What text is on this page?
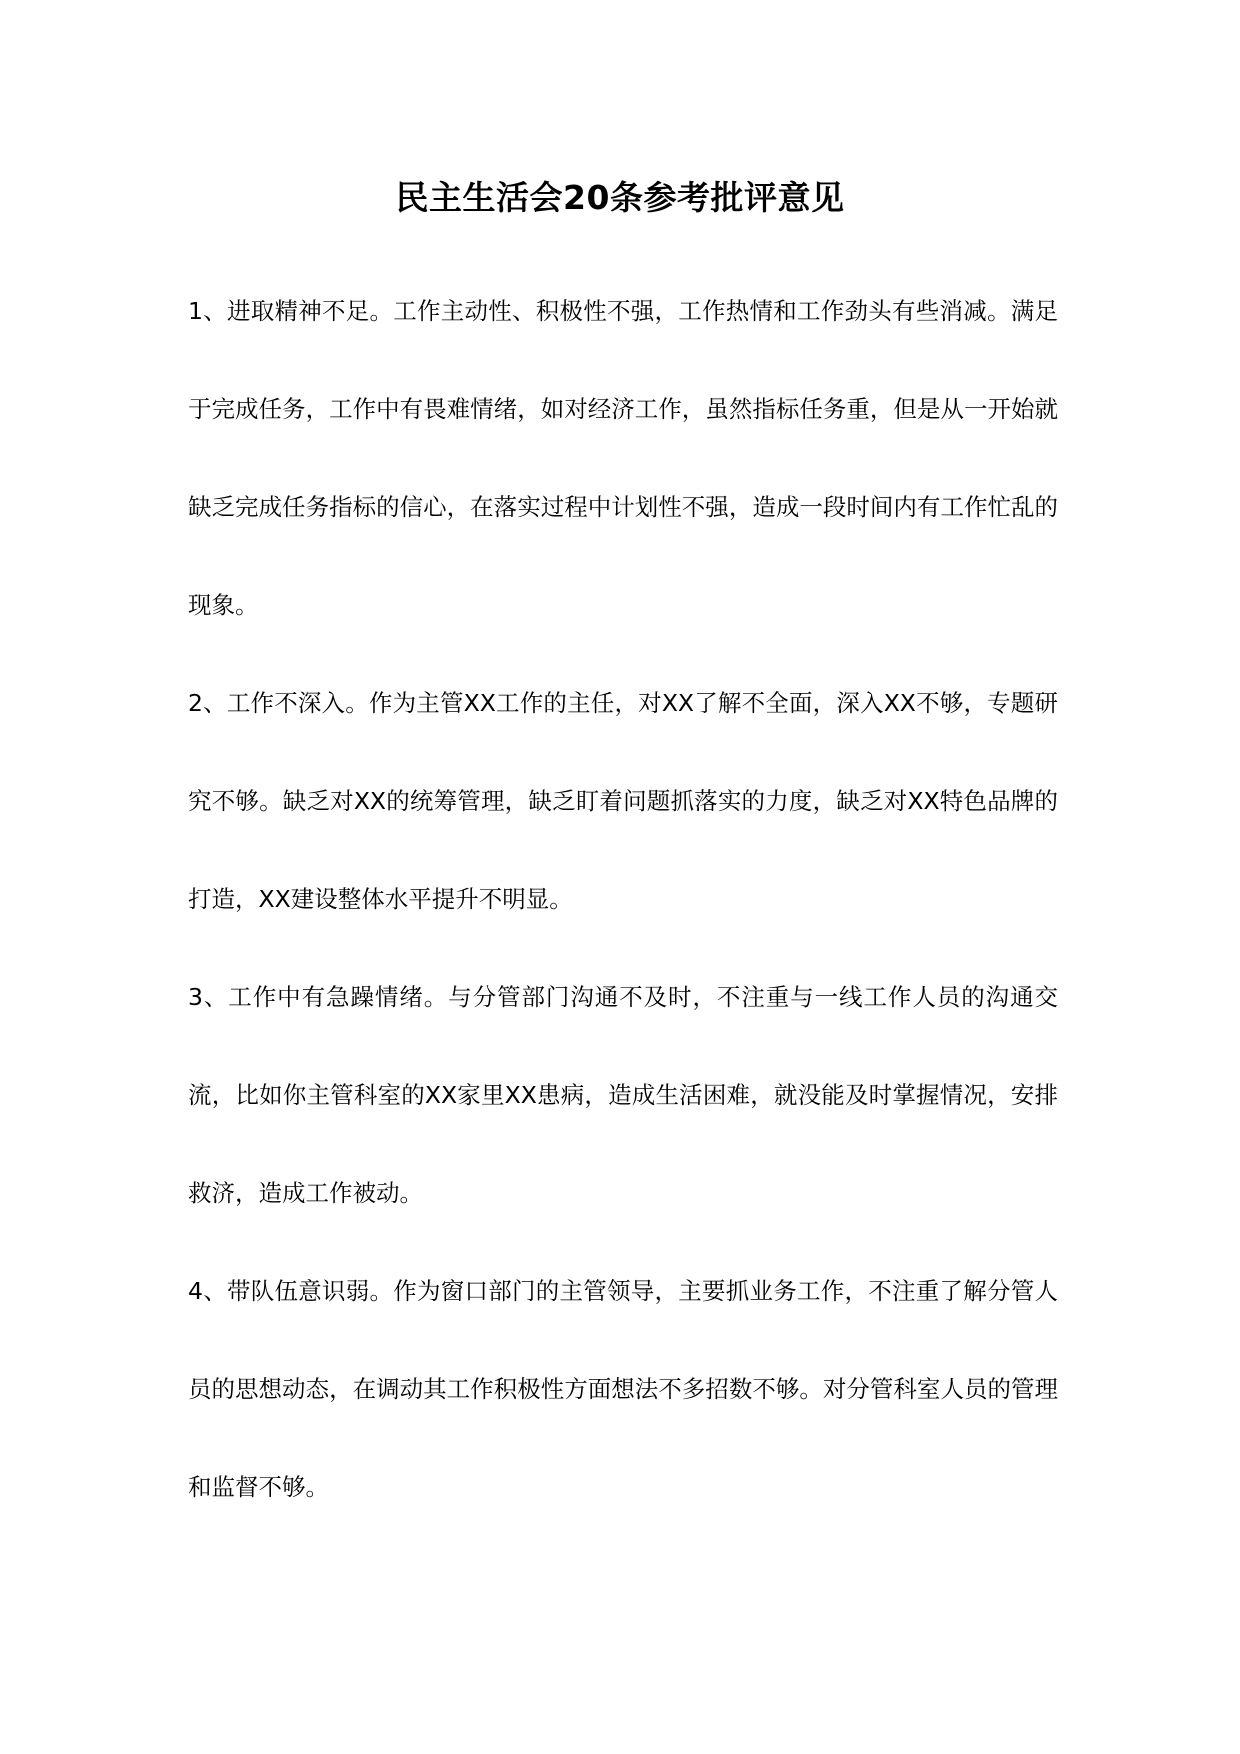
民主生活会20条参考批评意见

1、进取精神不足。工作主动性、积极性不强，工作热情和工作劲头有些消减。满足于完成任务，工作中有畏难情绪，如对经济工作，虽然指标任务重，但是从一开始就缺乏完成任务指标的信心，在落实过程中计划性不强，造成一段时间内有工作忙乱的现象。

2、工作不深入。作为主管XX工作的主任，对XX了解不全面，深入XX不够，专题研究不够。缺乏对XX的统筹管理，缺乏盯着问题抓落实的力度，缺乏对XX特色品牌的打造，XX建设整体水平提升不明显。

3、工作中有急躁情绪。与分管部门沟通不及时，不注重与一线工作人员的沟通交流，比如你主管科室的XX家里XX患病，造成生活困难，就没能及时掌握情况，安排救济，造成工作被动。

4、带队伍意识弱。作为窗口部门的主管领导，主要抓业务工作，不注重了解分管人员的思想动态，在调动其工作积极性方面想法不多招数不够。对分管科室人员的管理和监督不够。
